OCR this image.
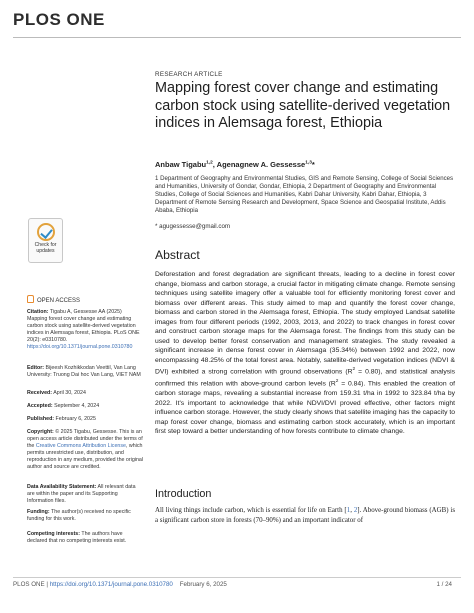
PLOS ONE
RESEARCH ARTICLE
Mapping forest cover change and estimating carbon stock using satellite-derived vegetation indices in Alemsaga forest, Ethiopia
Anbaw Tigabu$^{1,2}$, Agenagnew A. Gessesse$^{1,3}$*
1 Department of Geography and Environmental Studies, GIS and Remote Sensing, College of Social Sciences and Humanities, University of Gondar, Gondar, Ethiopia, 2 Department of Geography and Environmental Studies, College of Social Sciences and Humanities, Kabri Dahar University, Kabri Dahar, Ethiopia, 3 Department of Remote Sensing Research and Development, Space Science and Geospatial Institute, Addis Ababa, Ethiopia
* agugessesse@gmail.com
Abstract
Deforestation and forest degradation are significant threats, leading to a decline in forest cover change, biomass and carbon storage, a crucial factor in mitigating climate change. Remote sensing techniques using satellite imagery offer a valuable tool for efficiently monitoring forest cover and biomass over different areas. This study aimed to map and quantify the forest cover change, biomass and carbon stored in the Alemsaga forest, Ethiopia. The study employed Landsat satellite images from four different periods (1992, 2003, 2013, and 2022) to track changes in forest cover and construct carbon storage maps for the Alemsaga forest. The findings from this study can be used to develop better forest conservation and management strategies. The study revealed a significant increase in dense forest cover in Alemsaga (35.34%) between 1992 and 2022, now encompassing 48.25% of the total forest area. Notably, satellite-derived vegetation indices (NDVI & DVI) exhibited a strong correlation with ground observations $(R^2 = 0.80)$, and statistical analysis confirmed this relation with above-ground carbon levels $(R^2 = 0.84)$. This enabled the creation of carbon storage maps, revealing a substantial increase from 159.31 t/ha in 1992 to 323.84 t/ha by 2022. It's important to acknowledge that while NDVI/DVI proved effective, other factors might influence carbon storage. However, the study clearly shows that satellite imaging has the capacity to map forest cover change, biomass and estimating carbon stock accurately, which is an important first step toward a better understanding of how forests contribute to climate change.
Introduction
All living things include carbon, which is essential for life on Earth [1, 2]. Above-ground biomass (AGB) is a significant carbon store in forests (70–90%) and an important indicator of
Check for
updates
OPEN ACCESS

Citation: Tigabu A, Gessesse AA (2025) Mapping forest cover change and estimating carbon stock using satellite-derived vegetation indices in Alemsaga forest, Ethiopia. PLoS ONE 20(2): e0310780. https://doi.org/10.1371/journal.pone.0310780

Editor: Bijeesh Kozhikkodan Veettil, Van Lang University: Truong Dai hoc Van Lang, VIET NAM

Received: April 30, 2024

Accepted: September 4, 2024

Published: February 6, 2025

Copyright: © 2025 Tigabu, Gessesse. This is an open access article distributed under the terms of the Creative Commons Attribution License, which permits unrestricted use, distribution, and reproduction in any medium, provided the original author and source are credited.

Data Availability Statement: All relevant data are within the paper and its Supporting Information files.

Funding: The author(s) received no specific funding for this work.

Competing interests: The authors have declared that no competing interests exist.

PLOS ONE | https://doi.org/10.1371/journal.pone.0310780 February 6, 2025	1 / 24
